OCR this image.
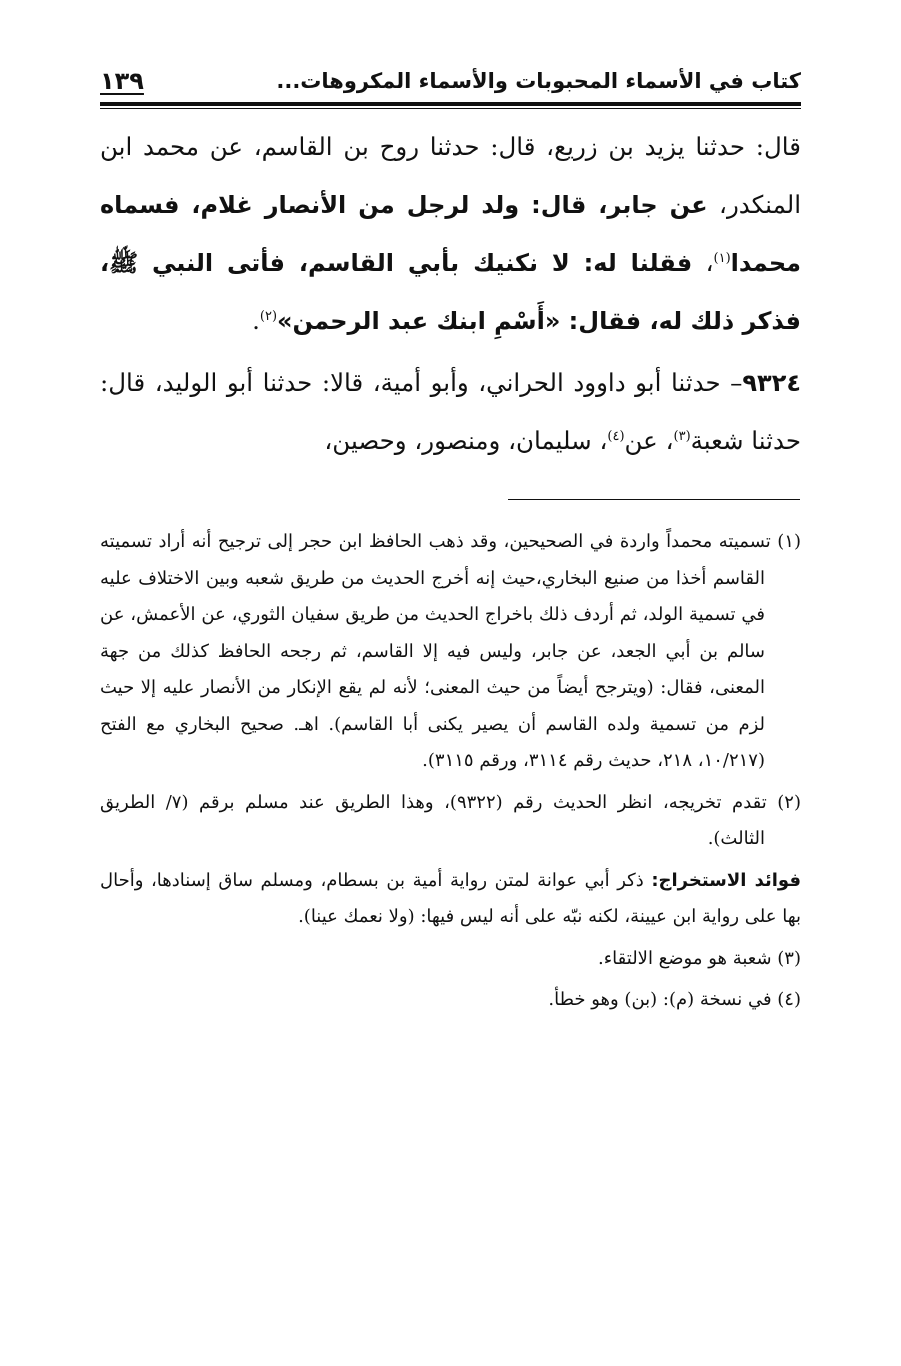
كتاب في الأسماء المحبوبات والأسماء المكروهات...
١٣٩

قال: حدثنا يزيد بن زريع، قال: حدثنا روح بن القاسم، عن محمد ابن المنكدر، عن جابر، قال: ولد لرجل من الأنصار غلام، فسماه محمدا$^{(١)}$، فقلنا له: لا نكنيك بأبي القاسم، فأتى النبي ﷺ، فذكر ذلك له، فقال: «أَسْمِ ابنك عبد الرحمن»$^{(٢)}$.

٩٣٢٤– حدثنا أبو داوود الحراني، وأبو أمية، قالا: حدثنا أبو الوليد، قال: حدثنا شعبة$^{(٣)}$، عن$^{(٤)}$، سليمان، ومنصور، وحصين،

(١) تسميته محمداً واردة في الصحيحين، وقد ذهب الحافظ ابن حجر إلى ترجيح أنه أراد تسميته القاسم أخذا من صنيع البخاري،حيث إنه أخرج الحديث من طريق شعبه وبين الاختلاف عليه في تسمية الولد، ثم أردف ذلك باخراج الحديث من طريق سفيان الثوري، عن الأعمش، عن سالم بن أبي الجعد، عن جابر، وليس فيه إلا القاسم، ثم رجحه الحافظ كذلك من جهة المعنى، فقال: (ويترجح أيضاً من حيث المعنى؛ لأنه لم يقع الإنكار من الأنصار عليه إلا حيث لزم من تسمية ولده القاسم أن يصير يكنى أبا القاسم). اهـ. صحيح البخاري مع الفتح (١٠/٢١٧، ٢١٨، حديث رقم ٣١١٤، ورقم ٣١١٥).

(٢) تقدم تخريجه، انظر الحديث رقم (٩٣٢٢)، وهذا الطريق عند مسلم برقم (٧/ الطريق الثالث).

فوائد الاستخراج: ذكر أبي عوانة لمتن رواية أمية بن بسطام، ومسلم ساق إسنادها، وأحال بها على رواية ابن عيينة، لكنه نبّه على أنه ليس فيها: (ولا نعمك عينا).

(٣) شعبة هو موضع الالتقاء.

(٤) في نسخة (م): (بن) وهو خطأ.
